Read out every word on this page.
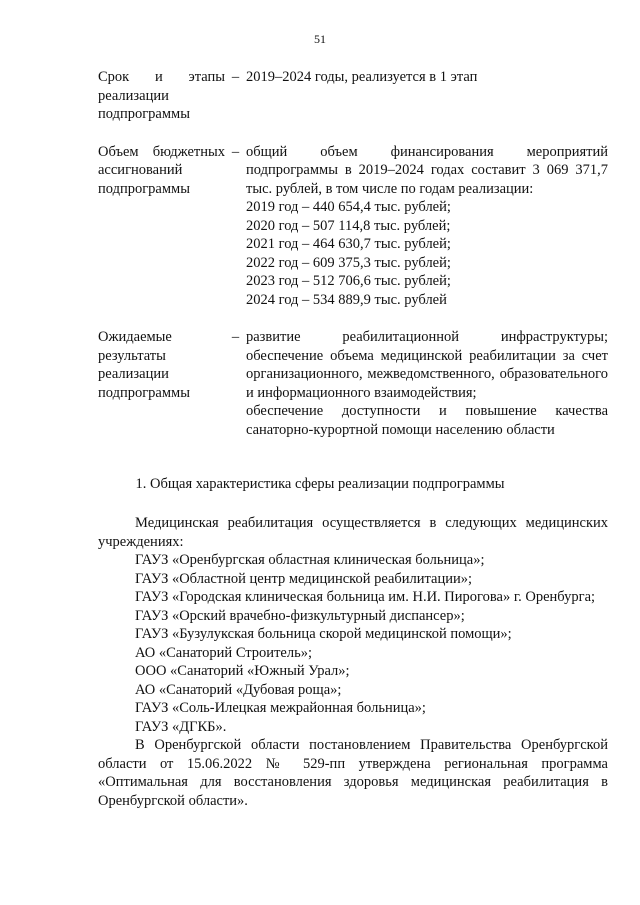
51
Срок и этапы реализации подпрограммы
– 2019–2024 годы, реализуется в 1 этап
Объем бюджетных ассигнований подпрограммы
– общий объем финансирования мероприятий подпрограммы в 2019–2024 годах составит 3 069 371,7 тыс. рублей, в том числе по годам реализации:
2019 год – 440 654,4 тыс. рублей;
2020 год – 507 114,8 тыс. рублей;
2021 год – 464 630,7 тыс. рублей;
2022 год – 609 375,3 тыс. рублей;
2023 год – 512 706,6 тыс. рублей;
2024 год – 534 889,9 тыс. рублей
Ожидаемые результаты реализации подпрограммы
– развитие реабилитационной инфраструктуры; обеспечение объема медицинской реабилитации за счет организационного, межведомственного, образовательного и информационного взаимодействия;
обеспечение доступности и повышение качества санаторно-курортной помощи населению области
1. Общая характеристика сферы реализации подпрограммы

Медицинская реабилитация осуществляется в следующих медицинских учреждениях:

ГАУЗ «Оренбургская областная клиническая больница»;

ГАУЗ «Областной центр медицинской реабилитации»;

ГАУЗ «Городская клиническая больница им. Н.И. Пирогова» г. Оренбурга;

ГАУЗ «Орский врачебно-физкультурный диспансер»;

ГАУЗ «Бузулукская больница скорой медицинской помощи»;

АО «Санаторий Строитель»;

ООО «Санаторий «Южный Урал»;

АО «Санаторий «Дубовая роща»;

ГАУЗ «Соль-Илецкая межрайонная больница»;

ГАУЗ «ДГКБ».

В Оренбургской области постановлением Правительства Оренбургской области от 15.06.2022 № 529-пп утверждена региональная программа «Оптимальная для восстановления здоровья медицинская реабилитация в Оренбургской области».
